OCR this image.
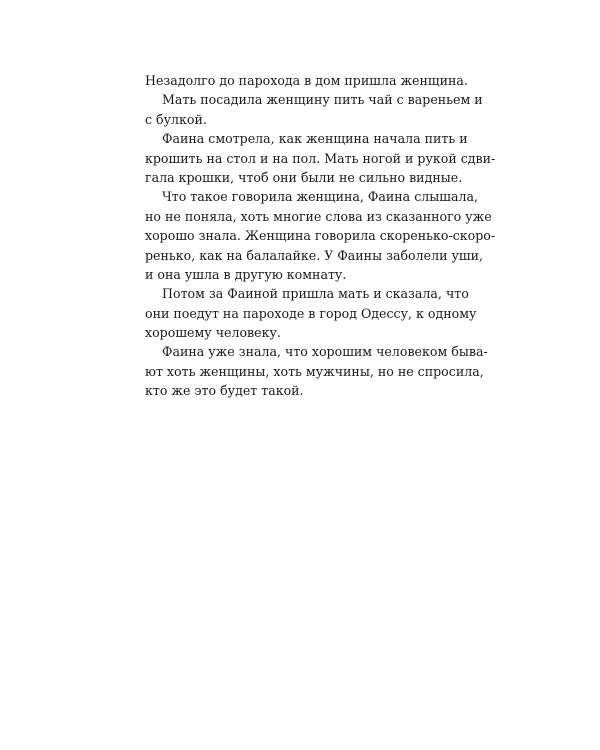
Незадолго до парохода в дом пришла женщина.

Мать посадила женщину пить чай с вареньем и
с булкой.

Фаина смотрела, как женщина начала пить и
крошить на стол и на пол. Мать ногой и рукой сдви-
гала крошки, чтоб они были не сильно видные.

Что такое говорила женщина, Фаина слышала,
но не поняла, хоть многие слова из сказанного уже
хорошо знала. Женщина говорила скоренько-скоро-
ренько, как на балалайке. У Фаины заболели уши,
и она ушла в другую комнату.

Потом за Фаиной пришла мать и сказала, что
они поедут на пароходе в город Одессу, к одному
хорошему человеку.

Фаина уже знала, что хорошим человеком быва-
ют хоть женщины, хоть мужчины, но не спросила,
кто же это будет такой.
